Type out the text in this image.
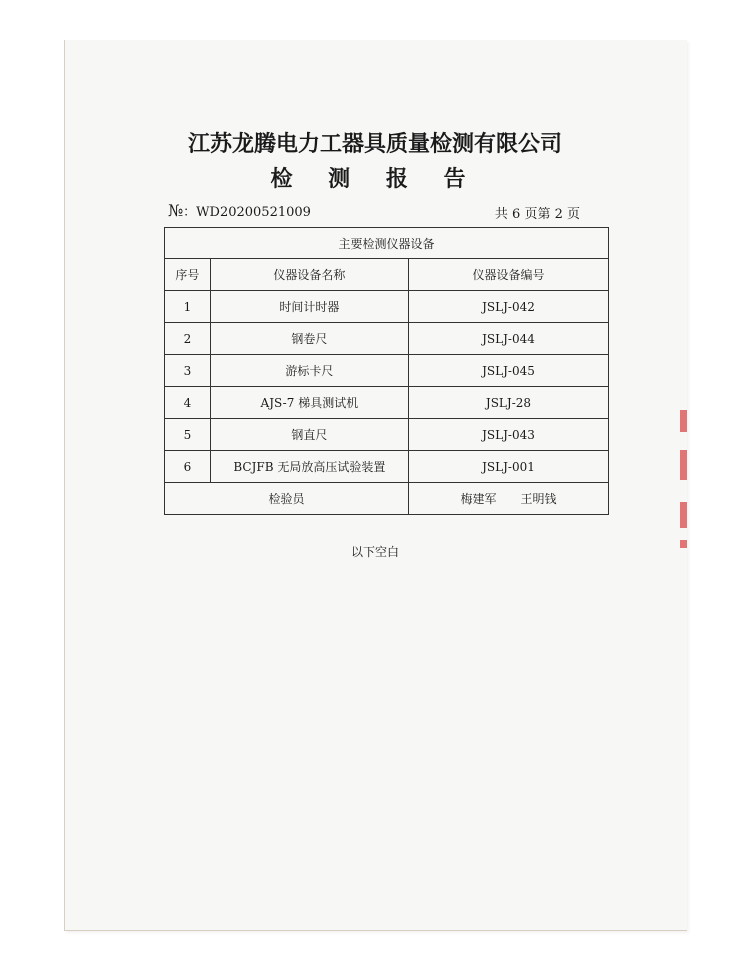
江苏龙腾电力工器具质量检测有限公司
检 测 报 告
№：WD20200521009	共 6 页第 2 页
主要检测仪器设备		
序号	仪器设备名称	仪器设备编号
1	时间计时器	JSLJ-042
2	钢卷尺	JSLJ-044
3	游标卡尺	JSLJ-045
4	AJS-7 梯具测试机	JSLJ-28
5	钢直尺	JSLJ-043
6	BCJFB 无局放高压试验装置	JSLJ-001
检验员		梅建军 王明钱
以下空白
